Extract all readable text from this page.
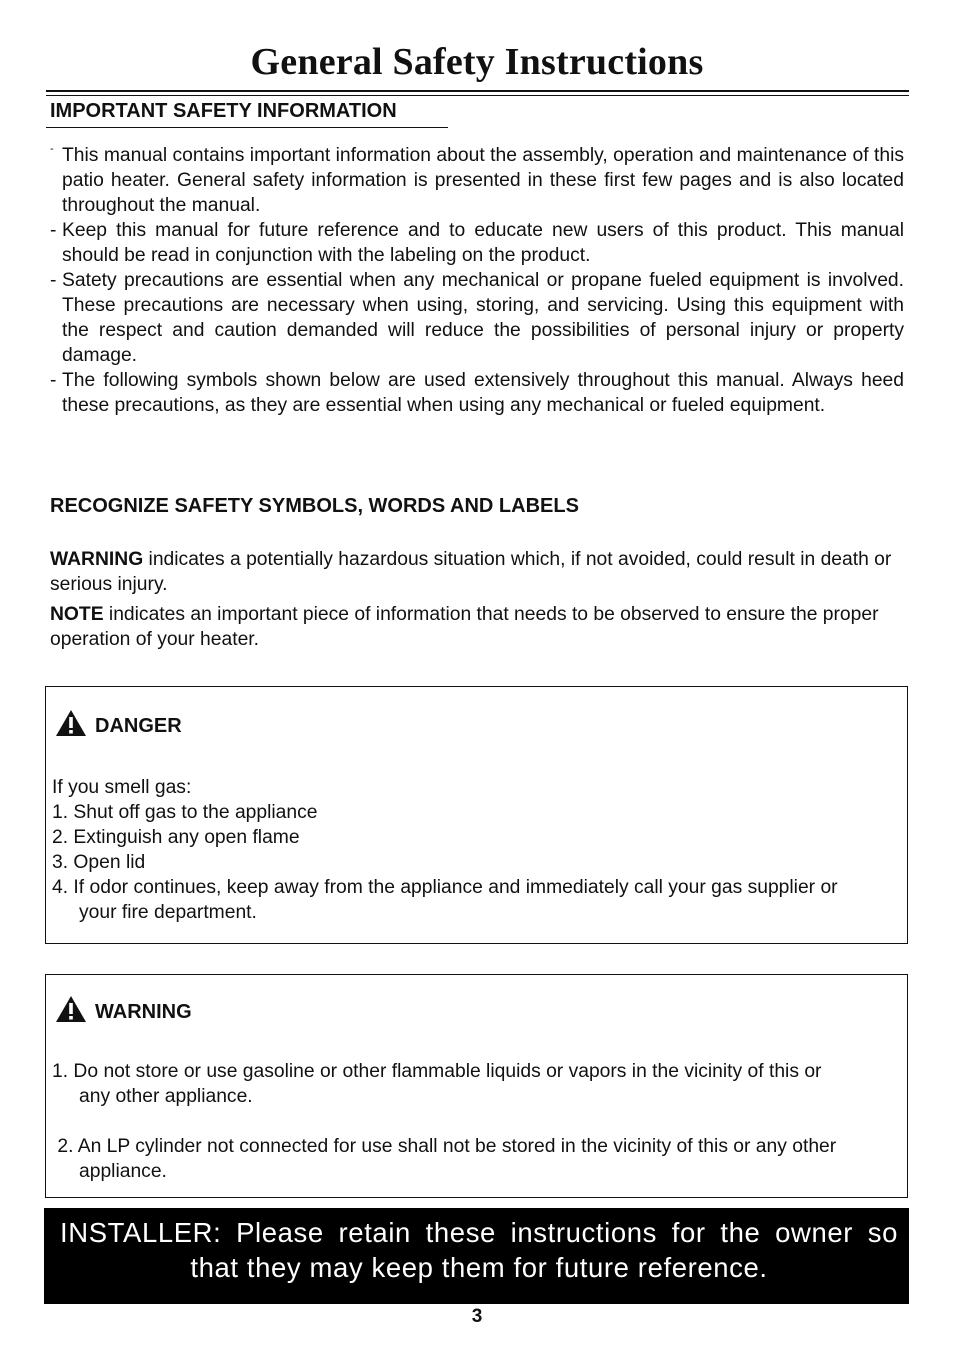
General Safety Instructions
IMPORTANT SAFETY INFORMATION
- This manual contains important information about the assembly, operation and maintenance of this patio heater. General safety information is presented in these first few pages and is also located throughout the manual.
- Keep this manual for future reference and to educate new users of this product. This manual should be read in conjunction with the labeling on the product.
- Satety precautions are essential when any mechanical or propane fueled equipment is involved. These precautions are necessary when using, storing, and servicing. Using this equipment with the respect and caution demanded will reduce the possibilities of personal injury or property damage.
- The following symbols shown below are used extensively throughout this manual. Always heed these precautions, as they are essential when using any mechanical or fueled equipment.
RECOGNIZE SAFETY SYMBOLS, WORDS AND LABELS

WARNING indicates a potentially hazardous situation which, if not avoided, could result in death or serious injury.

NOTE indicates an important piece of information that needs to be observed to ensure the proper operation of your heater.

DANGER
If you smell gas:
1. Shut off gas to the appliance
2. Extinguish any open flame
3. Open lid
4. If odor continues, keep away from the appliance and immediately call your gas supplier or
your fire department.
WARNING
1. Do not store or use gasoline or other flammable liquids or vapors in the vicinity of this or
any other appliance.
2. An LP cylinder not connected for use shall not be stored in the vicinity of this or any other
appliance.

INSTALLER: Please retain these instructions for the owner so that they may keep them for future reference.

3
